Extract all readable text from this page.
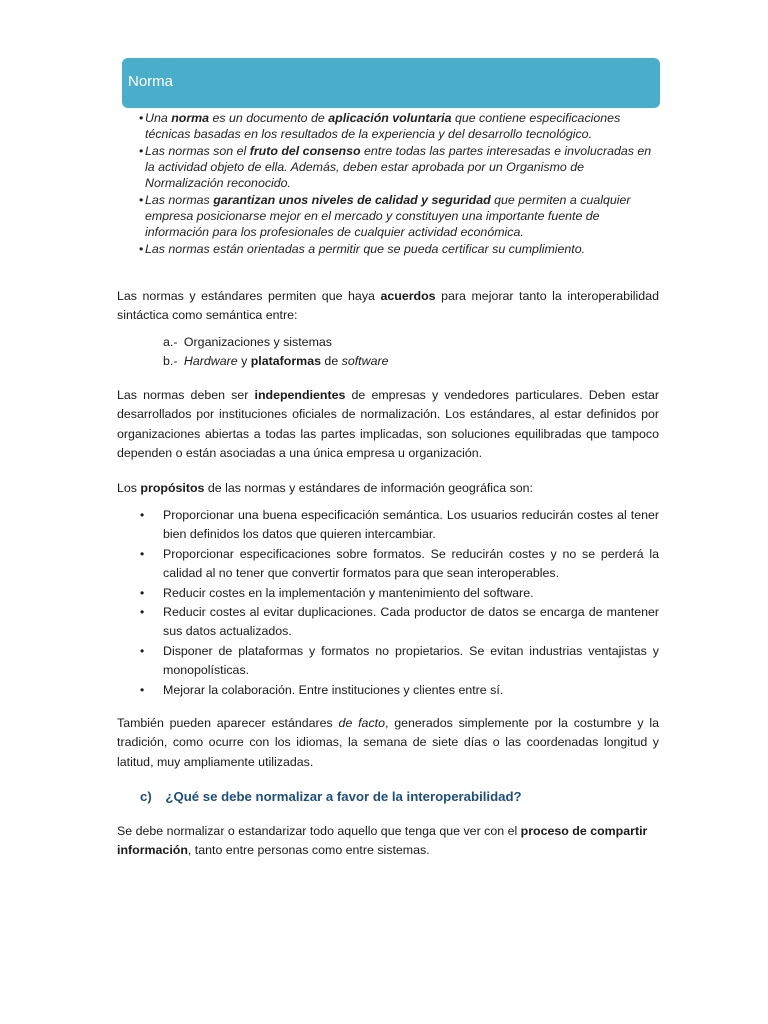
Norma
• Una norma es un documento de aplicación voluntaria que contiene especificaciones técnicas basadas en los resultados de la experiencia y del desarrollo tecnológico.
• Las normas son el fruto del consenso entre todas las partes interesadas e involucradas en la actividad objeto de ella. Además, deben estar aprobada por un Organismo de Normalización reconocido.
• Las normas garantizan unos niveles de calidad y seguridad que permiten a cualquier empresa posicionarse mejor en el mercado y constituyen una importante fuente de información para los profesionales de cualquier actividad económica.
• Las normas están orientadas a permitir que se pueda certificar su cumplimiento.
Las normas y estándares permiten que haya acuerdos para mejorar tanto la interoperabilidad sintáctica como semántica entre:
a.- Organizaciones y sistemas
b.- Hardware y plataformas de software
Las normas deben ser independientes de empresas y vendedores particulares. Deben estar desarrollados por instituciones oficiales de normalización. Los estándares, al estar definidos por organizaciones abiertas a todas las partes implicadas, son soluciones equilibradas que tampoco dependen o están asociadas a una única empresa u organización.
Los propósitos de las normas y estándares de información geográfica son:
• Proporcionar una buena especificación semántica. Los usuarios reducirán costes al tener bien definidos los datos que quieren intercambiar.
• Proporcionar especificaciones sobre formatos. Se reducirán costes y no se perderá la calidad al no tener que convertir formatos para que sean interoperables.
• Reducir costes en la implementación y mantenimiento del software.
• Reducir costes al evitar duplicaciones. Cada productor de datos se encarga de mantener sus datos actualizados.
• Disponer de plataformas y formatos no propietarios. Se evitan industrias ventajistas y monopolísticas.
• Mejorar la colaboración. Entre instituciones y clientes entre sí.
También pueden aparecer estándares de facto, generados simplemente por la costumbre y la tradición, como ocurre con los idiomas, la semana de siete días o las coordenadas longitud y latitud, muy ampliamente utilizadas.
c) ¿Qué se debe normalizar a favor de la interoperabilidad?
Se debe normalizar o estandarizar todo aquello que tenga que ver con el proceso de compartir información, tanto entre personas como entre sistemas.
